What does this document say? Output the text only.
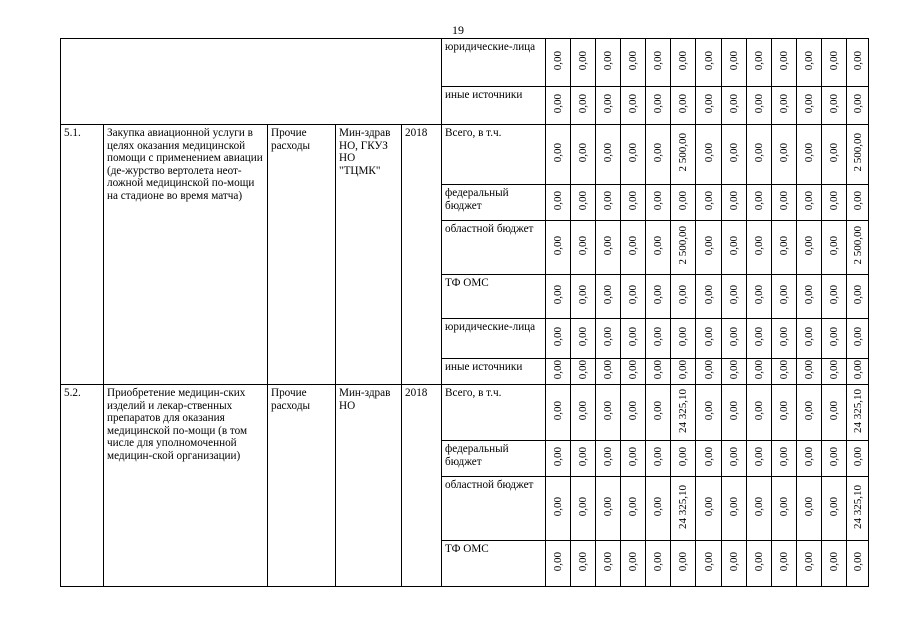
19
					юридические-лица	0,00	0,00	0,00	0,00	0,00	0,00	0,00	0,00	0,00	0,00	0,00	0,00	0,00
					иные источники	0,00	0,00	0,00	0,00	0,00	0,00	0,00	0,00	0,00	0,00	0,00	0,00	0,00
5.1.	Закупка авиационной услуги в целях оказания медицинской помощи с применением авиации (де-журство вертолета неот-ложной медицинской по-мощи на стадионе во время матча)	Прочие расходы	Мин-здрав НО, ГКУЗ НО "ТЦМК"	2018	Всего, в т.ч.	0,00	0,00	0,00	0,00	0,00	2 500,00	0,00	0,00	0,00	0,00	0,00	0,00	2 500,00
					федеральный бюджет	0,00	0,00	0,00	0,00	0,00	0,00	0,00	0,00	0,00	0,00	0,00	0,00	0,00
					областной бюджет	0,00	0,00	0,00	0,00	0,00	2 500,00	0,00	0,00	0,00	0,00	0,00	0,00	2 500,00
					ТФ ОМС	0,00	0,00	0,00	0,00	0,00	0,00	0,00	0,00	0,00	0,00	0,00	0,00	0,00
					юридические-лица	0,00	0,00	0,00	0,00	0,00	0,00	0,00	0,00	0,00	0,00	0,00	0,00	0,00
					иные источники	0,00	0,00	0,00	0,00	0,00	0,00	0,00	0,00	0,00	0,00	0,00	0,00	0,00
5.2.	Приобретение медицин-ских изделий и лекар-ственных препаратов для оказания медицинской по-мощи (в том числе для уполномоченной медицин-ской организации)	Прочие расходы	Мин-здрав НО	2018	Всего, в т.ч.	0,00	0,00	0,00	0,00	0,00	24 325,10	0,00	0,00	0,00	0,00	0,00	0,00	24 325,10
					федеральный бюджет	0,00	0,00	0,00	0,00	0,00	0,00	0,00	0,00	0,00	0,00	0,00	0,00	0,00
					областной бюджет	0,00	0,00	0,00	0,00	0,00	24 325,10	0,00	0,00	0,00	0,00	0,00	0,00	24 325,10
					ТФ ОМС	0,00	0,00	0,00	0,00	0,00	0,00	0,00	0,00	0,00	0,00	0,00	0,00	0,00
